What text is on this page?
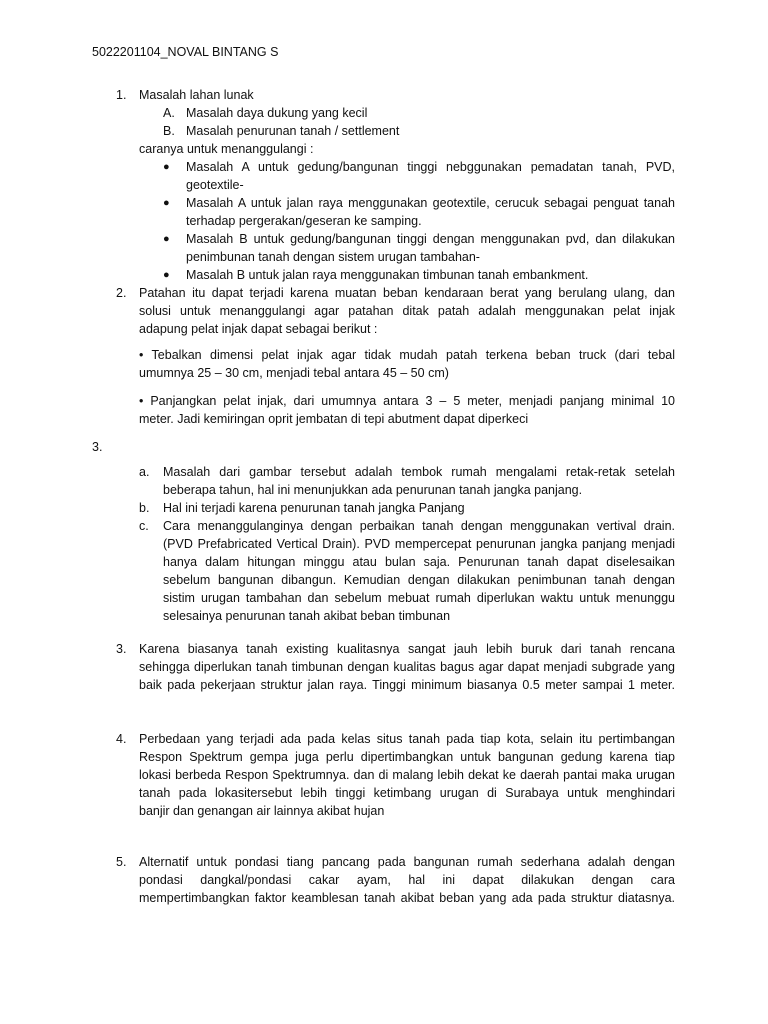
5022201104_NOVAL BINTANG S
1. Masalah lahan lunak
A. Masalah daya dukung yang kecil
B. Masalah penurunan tanah / settlement
caranya untuk menanggulangi :
● Masalah A untuk gedung/bangunan tinggi nebggunakan pemadatan tanah, PVD,
geotextile-
● Masalah A untuk jalan raya menggunakan geotextile, cerucuk sebagai penguat tanah
terhadap pergerakan/geseran ke samping.
● Masalah B untuk gedung/bangunan tinggi dengan menggunakan pvd, dan dilakukan
penimbunan tanah dengan sistem urugan tambahan-
● Masalah B untuk jalan raya menggunakan timbunan tanah embankment.
2. Patahan itu dapat terjadi karena muatan beban kendaraan berat yang berulang ulang, dan
solusi untuk menanggulangi agar patahan ditak patah adalah menggunakan pelat injak
adapung pelat injak dapat sebagai berikut :
• Tebalkan dimensi pelat injak agar tidak mudah patah terkena beban truck (dari tebal
umumnya 25 – 30 cm, menjadi tebal antara 45 – 50 cm)
• Panjangkan pelat injak, dari umumnya antara 3 – 5 meter, menjadi panjang minimal 10
meter. Jadi kemiringan oprit jembatan di tepi abutment dapat diperkeci
3.
a. Masalah dari gambar tersebut adalah tembok rumah mengalami retak-retak setelah
beberapa tahun, hal ini menunjukkan ada penurunan tanah jangka panjang.
b. Hal ini terjadi karena penurunan tanah jangka Panjang
c. Cara menanggulanginya dengan perbaikan tanah dengan menggunakan vertival drain.
(PVD Prefabricated Vertical Drain). PVD mempercepat penurunan jangka panjang menjadi
hanya dalam hitungan minggu atau bulan saja. Penurunan tanah dapat diselesaikan
sebelum bangunan dibangun. Kemudian dengan dilakukan penimbunan tanah dengan
sistim urugan tambahan dan sebelum mebuat rumah diperlukan waktu untuk menunggu
selesainya penurunan tanah akibat beban timbunan
3. Karena biasanya tanah existing kualitasnya sangat jauh lebih buruk dari tanah rencana
sehingga diperlukan tanah timbunan dengan kualitas bagus agar dapat menjadi subgrade yang
baik pada pekerjaan struktur jalan raya. Tinggi minimum biasanya 0.5 meter sampai 1 meter.
4. Perbedaan yang terjadi ada pada kelas situs tanah pada tiap kota, selain itu pertimbangan
Respon Spektrum gempa juga perlu dipertimbangkan untuk bangunan gedung karena tiap
lokasi berbeda Respon Spektrumnya. dan di malang lebih dekat ke daerah pantai maka urugan
tanah pada lokasitersebut lebih tinggi ketimbang urugan di Surabaya untuk menghindari
banjir dan genangan air lainnya akibat hujan
5. Alternatif untuk pondasi tiang pancang pada bangunan rumah sederhana adalah dengan
pondasi dangkal/pondasi cakar ayam, hal ini dapat dilakukan dengan cara
mempertimbangkan faktor keamblesan tanah akibat beban yang ada pada struktur diatasnya.
